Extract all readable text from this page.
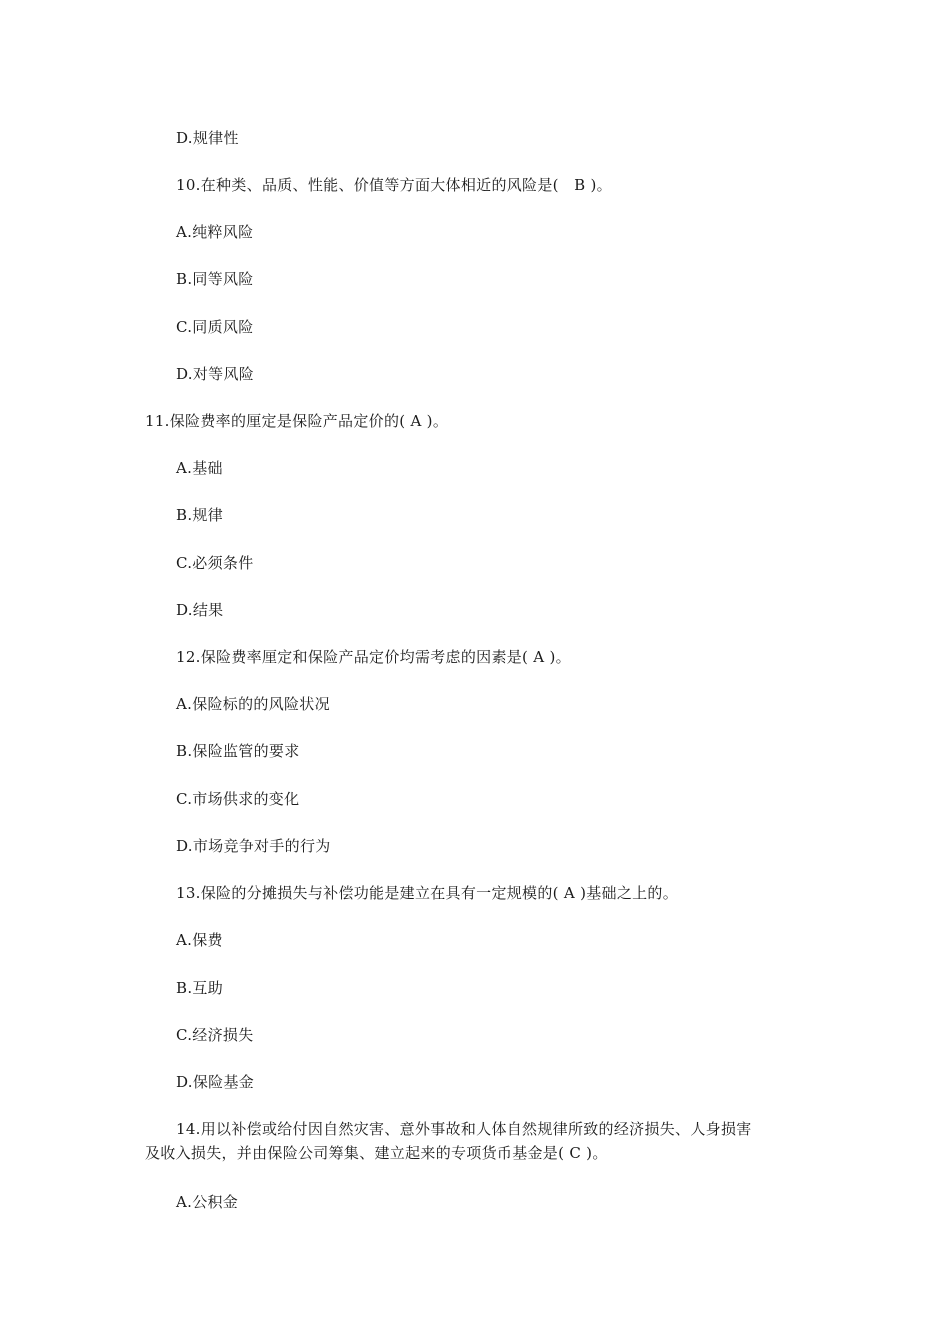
D.规律性
10.在种类、品质、性能、价值等方面大体相近的风险是(　B )。
A.纯粹风险
B.同等风险
C.同质风险
D.对等风险
11.保险费率的厘定是保险产品定价的( A )。
A.基础
B.规律
C.必须条件
D.结果
12.保险费率厘定和保险产品定价均需考虑的因素是( A )。
A.保险标的的风险状况
B.保险监管的要求
C.市场供求的变化
D.市场竞争对手的行为
13.保险的分摊损失与补偿功能是建立在具有一定规模的( A )基础之上的。
A.保费
B.互助
C.经济损失
D.保险基金
14.用以补偿或给付因自然灾害、意外事故和人体自然规律所致的经济损失、人身损害
及收入损失，并由保险公司筹集、建立起来的专项货币基金是( C )。
A.公积金
